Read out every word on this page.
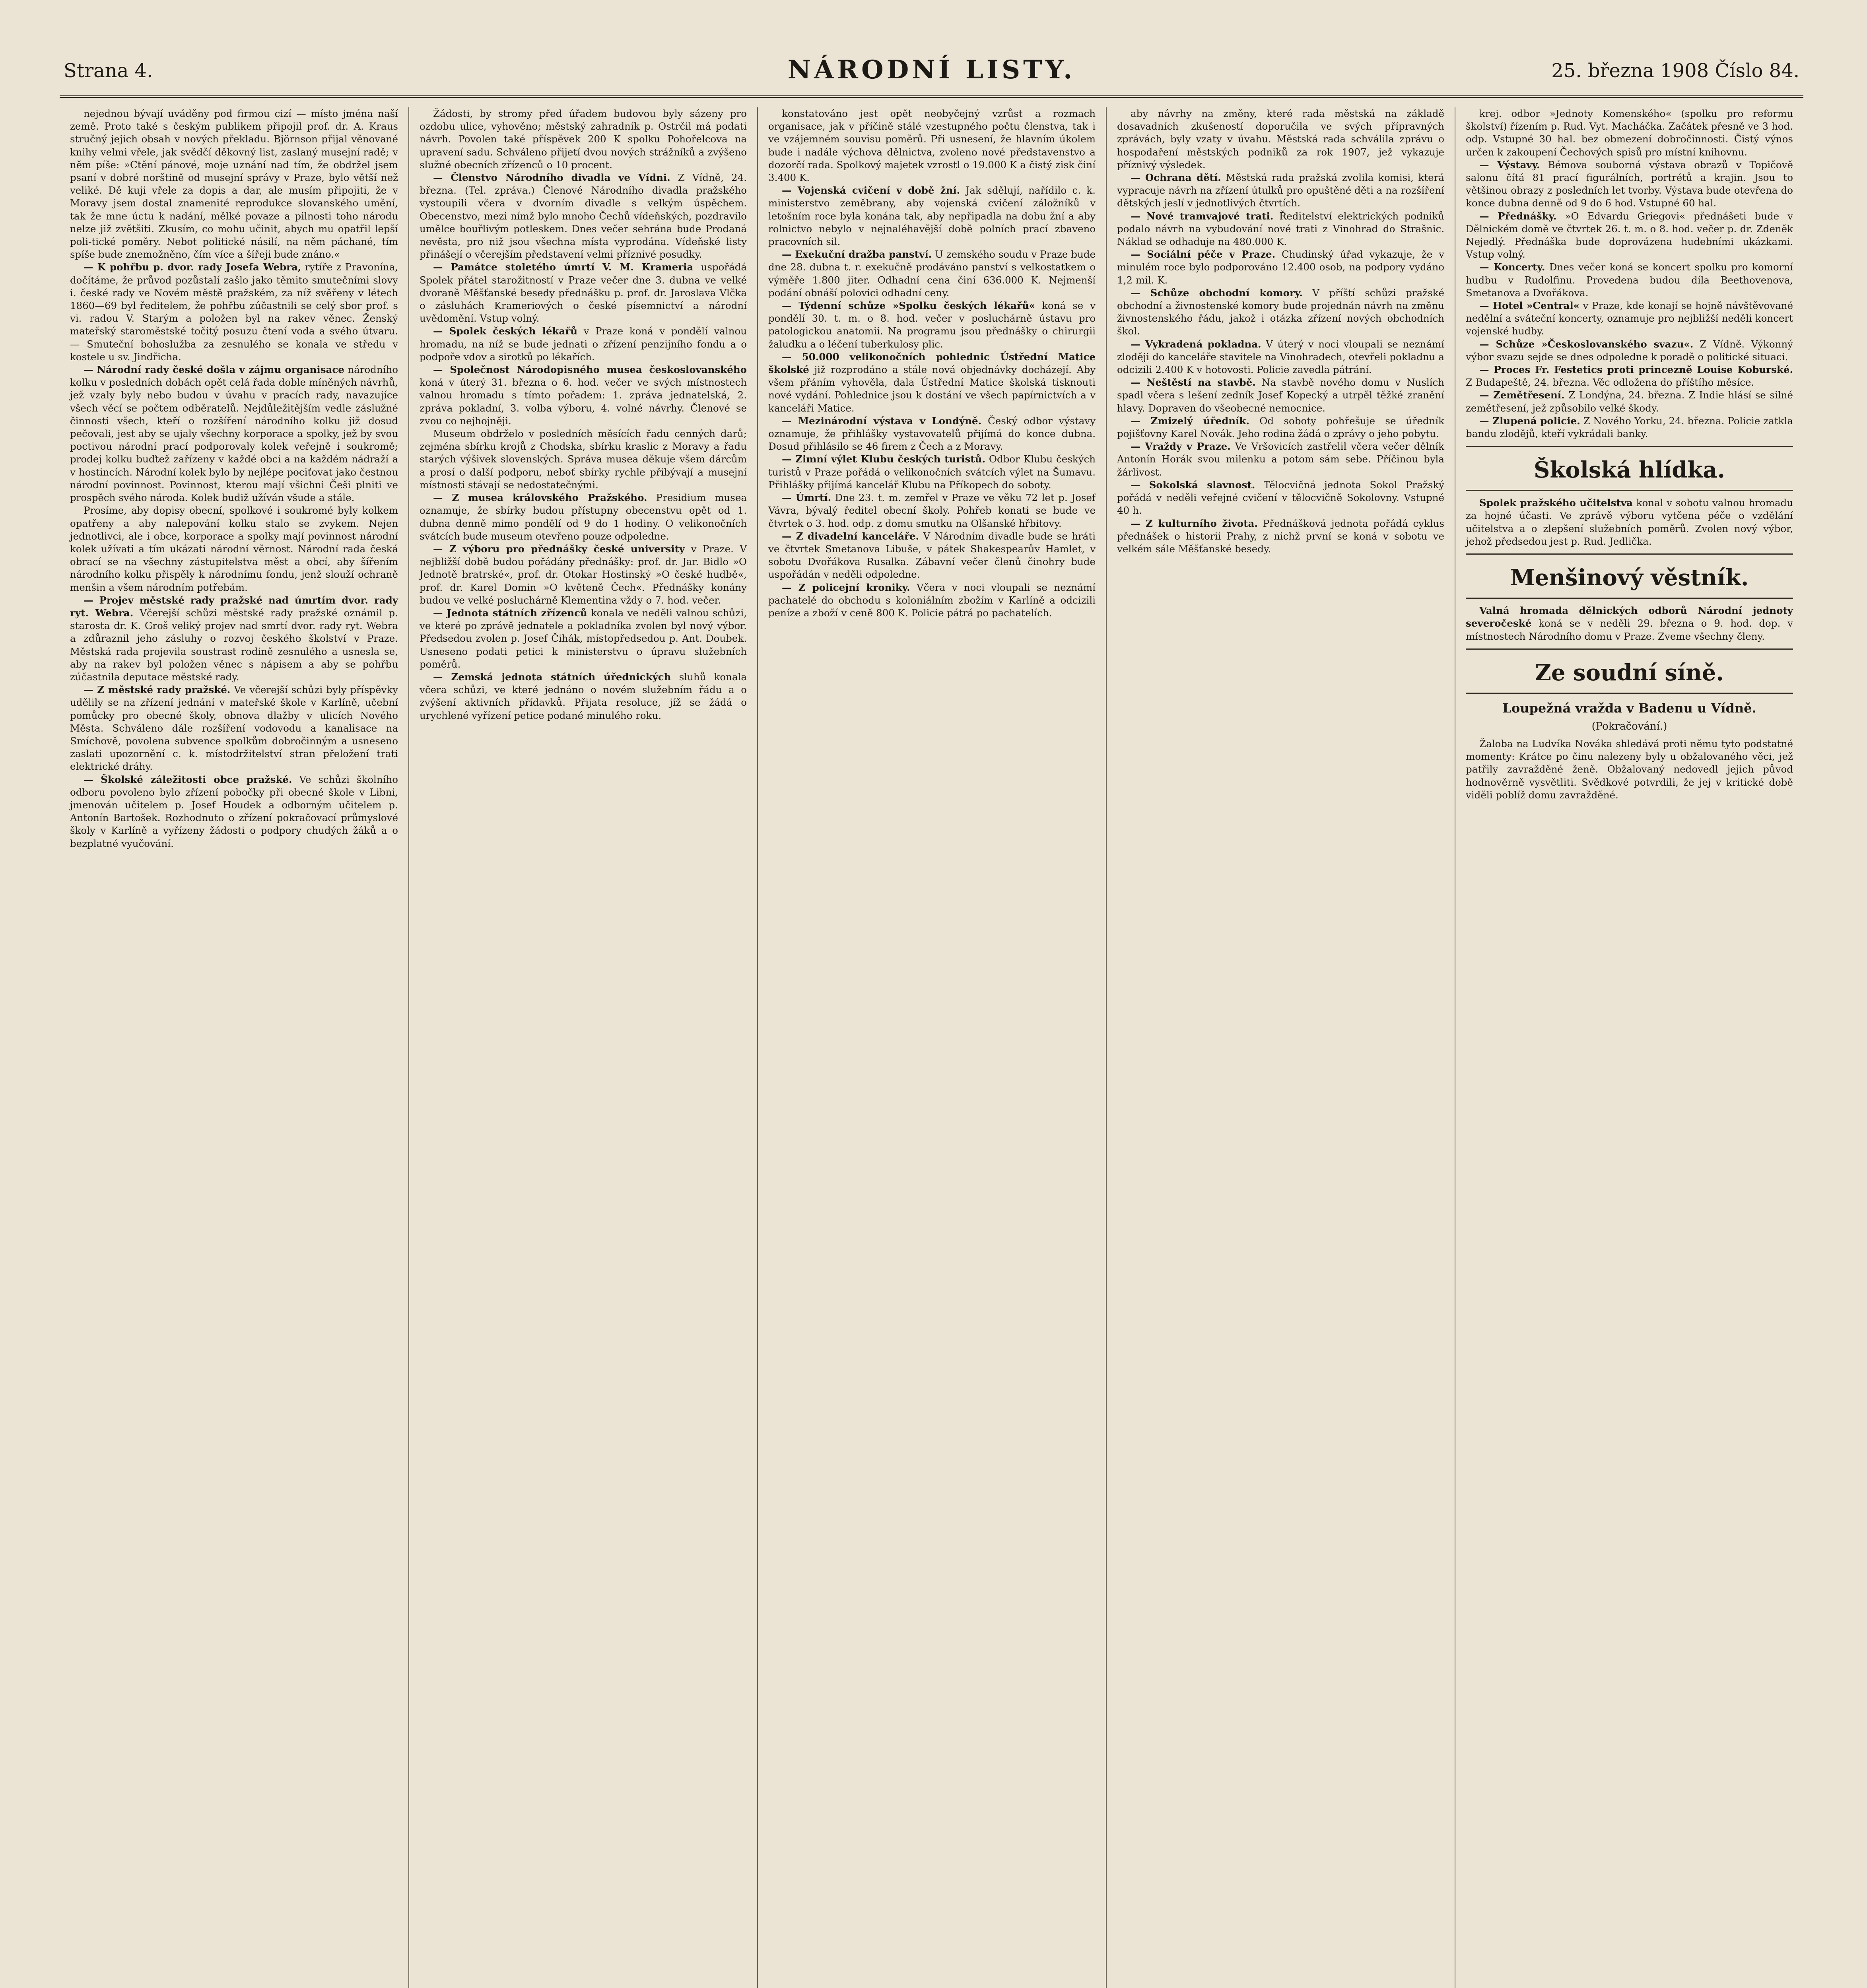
Strana 4.	NÁRODNÍ LISTY.	25. března 1908 Číslo 84.

nejednou bývají uváděny pod firmou cizí — místo jména naší země. Proto také s českým publikem připojil prof. dr. A. Kraus stručný jejich obsah v nových překladu. Björnson přijal věnované knihy velmi vřele, jak svědčí děkovný list, zaslaný musejní radě; v něm píše: »Ctění pánové, moje uznání nad tím, že obdržel jsem psaní v dobré norštině od musejní správy v Praze, bylo větší než veliké. Dě kuji vřele za dopis a dar, ale musím připojiti, že v Moravy jsem dostal znamenité reprodukce slovanského umění, tak že mne úctu k nadání, mělké povaze a pilnosti toho národu nelze již zvětšiti. Zkusím, co mohu učinit, abych mu opatřil lepší poli-tické poměry. Nebot politické násilí, na něm páchané, tím spíše bude znemožněno, čím více a šířeji bude znáno.«

— K pohřbu p. dvor. rady Josefa Webra, rytíře z Pravonína, dočítáme, že průvod pozůstalí zašlo jako těmito smutečními slovy i. české rady ve Novém městě pražském, za níž svěřeny v létech 1860—69 byl ředitelem, že pohřbu zúčastnili se celý sbor prof. s vi. radou V. Starým a položen byl na rakev věnec. Ženský mateřský staroměstské točitý posuzu čtení voda a svého útvaru. — Smuteční bohoslužba za zesnulého se konala ve středu v kostele u sv. Jindřicha.

— Národní rady české došla v zájmu organisace národního kolku v posledních dobách opět celá řada doble míněných návrhů, jež vzaly byly nebo budou v úvahu v pracích rady, navazujíce všech věcí se počtem odběratelů. Nejdůležitějším vedle záslužné činnosti všech, kteří o rozšíření národního kolku již dosud pečovali, jest aby se ujaly všechny korporace a spolky, jež by svou poctivou národní prací podporovaly kolek veřejně i soukromě; prodej kolku buďtež zařízeny v každé obci a na každém nádraží a v hostincích. Národní kolek bylo by nejlépe pociťovat jako čestnou národní povinnost. Povinnost, kterou mají všichni Češi plniti ve prospěch svého národa. Kolek budiž užíván všude a stále.

Prosíme, aby dopisy obecní, spolkové i soukromé byly kolkem opatřeny a aby nalepování kolku stalo se zvykem. Nejen jednotlivci, ale i obce, korporace a spolky mají povinnost národní kolek užívati a tím ukázati národní věrnost. Národní rada česká obrací se na všechny zástupitelstva měst a obcí, aby šířením národního kolku přispěly k národnímu fondu, jenž slouží ochraně menšin a všem národním potřebám.

— Projev městské rady pražské nad úmrtím dvor. rady ryt. Webra. Včerejší schůzi městské rady pražské oznámil p. starosta dr. K. Groš veliký projev nad smrtí dvor. rady ryt. Webra a zdůraznil jeho zásluhy o rozvoj českého školství v Praze. Městská rada projevila soustrast rodině zesnulého a usnesla se, aby na rakev byl položen věnec s nápisem a aby se pohřbu zúčastnila deputace městské rady.

— Z městské rady pražské. Ve včerejší schůzi byly příspěvky udělily se na zřízení jednání v mateřské škole v Karlíně, učební pomůcky pro obecné školy, obnova dlažby v ulicích Nového Města. Schváleno dále rozšíření vodovodu a kanalisace na Smíchově, povolena subvence spolkům dobročinným a usneseno zaslati upozornění c. k. místodržitelství stran přeložení trati elektrické dráhy.

— Školské záležitosti obce pražské. Ve schůzi školního odboru povoleno bylo zřízení pobočky při obecné škole v Libni, jmenován učitelem p. Josef Houdek a odborným učitelem p. Antonín Bartošek. Rozhodnuto o zřízení pokračovací průmyslové školy v Karlíně a vyřízeny žádosti o podpory chudých žáků a o bezplatné vyučování.

Žádosti, by stromy před úřadem budovou byly sázeny pro ozdobu ulice, vyhověno; městský zahradník p. Ostrčil má podati návrh. Povolen také příspěvek 200 K spolku Pohořelcova na upravení sadu. Schváleno přijetí dvou nových strážníků a zvýšeno služné obecních zřízenců o 10 procent.

— Členstvo Národního divadla ve Vídni. Z Vídně, 24. března. (Tel. zpráva.) Členové Národního divadla pražského vystoupili včera v dvorním divadle s velkým úspěchem. Obecenstvo, mezi nímž bylo mnoho Čechů vídeňských, pozdravilo umělce bouřlivým potleskem. Dnes večer sehrána bude Prodaná nevěsta, pro niž jsou všechna místa vyprodána. Vídeňské listy přinášejí o včerejším představení velmi příznivé posudky.

— Památce stoletého úmrtí V. M. Krameria uspořádá Spolek přátel starožitností v Praze večer dne 3. dubna ve velké dvoraně Měšťanské besedy přednášku p. prof. dr. Jaroslava Vlčka o zásluhách Krameriových o české písemnictví a národní uvědomění. Vstup volný.

— Spolek českých lékařů v Praze koná v pondělí valnou hromadu, na níž se bude jednati o zřízení penzijního fondu a o podpoře vdov a sirotků po lékařích.

— Společnost Národopisného musea českoslovanského koná v úterý 31. března o 6. hod. večer ve svých místnostech valnou hromadu s tímto pořadem: 1. zpráva jednatelská, 2. zpráva pokladní, 3. volba výboru, 4. volné návrhy. Členové se zvou co nejhojněji.

Museum obdrželo v posledních měsících řadu cenných darů; zejména sbírku krojů z Chodska, sbírku kraslic z Moravy a řadu starých výšivek slovenských. Správa musea děkuje všem dárcům a prosí o další podporu, neboť sbírky rychle přibývají a musejní místnosti stávají se nedostatečnými.

— Z musea královského Pražského. Presidium musea oznamuje, že sbírky budou přístupny obecenstvu opět od 1. dubna denně mimo pondělí od 9 do 1 hodiny. O velikonočních svátcích bude museum otevřeno pouze odpoledne.

— Z výboru pro přednášky české university v Praze. V nejbližší době budou pořádány přednášky: prof. dr. Jar. Bidlo »O Jednotě bratrské«, prof. dr. Otokar Hostinský »O české hudbě«, prof. dr. Karel Domin »O květeně Čech«. Přednášky konány budou ve velké posluchárně Klementina vždy o 7. hod. večer.

— Jednota státních zřízenců konala ve neděli valnou schůzi, ve které po zprávě jednatele a pokladníka zvolen byl nový výbor. Předsedou zvolen p. Josef Čihák, místopředsedou p. Ant. Doubek. Usneseno podati petici k ministerstvu o úpravu služebních poměrů.

— Zemská jednota státních úřednických sluhů konala včera schůzi, ve které jednáno o novém služebním řádu a o zvýšení aktivních přídavků. Přijata resoluce, jíž se žádá o urychlené vyřízení petice podané minulého roku.

konstatováno jest opět neobyčejný vzrůst a rozmach organisace, jak v příčině stálé vzestupného počtu členstva, tak i ve vzájemném souvisu poměrů. Při usnesení, že hlavním úkolem bude i nadále výchova dělnictva, zvoleno nové představenstvo a dozorčí rada. Spolkový majetek vzrostl o 19.000 K a čistý zisk činí 3.400 K.

— Vojenská cvičení v době žní. Jak sdělují, nařídilo c. k. ministerstvo zeměbrany, aby vojenská cvičení záložníků v letošním roce byla konána tak, aby nepřipadla na dobu žní a aby rolnictvo nebylo v nejnaléhavější době polních prací zbaveno pracovních sil.

— Exekuční dražba panství. U zemského soudu v Praze bude dne 28. dubna t. r. exekučně prodáváno panství s velkostatkem o výměře 1.800 jiter. Odhadní cena činí 636.000 K. Nejmenší podání obnáší polovici odhadní ceny.

— Týdenní schůze »Spolku českých lékařů« koná se v pondělí 30. t. m. o 8. hod. večer v posluchárně ústavu pro patologickou anatomii. Na programu jsou přednášky o chirurgii žaludku a o léčení tuberkulosy plic.

— 50.000 velikonočních pohlednic Ústřední Matice školské již rozprodáno a stále nová objednávky docházejí. Aby všem přáním vyhověla, dala Ústřední Matice školská tisknouti nové vydání. Pohlednice jsou k dostání ve všech papírnictvích a v kanceláři Matice.

— Mezinárodní výstava v Londýně. Český odbor výstavy oznamuje, že přihlášky vystavovatelů přijímá do konce dubna. Dosud přihlásilo se 46 firem z Čech a z Moravy.

— Zimní výlet Klubu českých turistů. Odbor Klubu českých turistů v Praze pořádá o velikonočních svátcích výlet na Šumavu. Přihlášky přijímá kancelář Klubu na Příkopech do soboty.

— Úmrtí. Dne 23. t. m. zemřel v Praze ve věku 72 let p. Josef Vávra, bývalý ředitel obecní školy. Pohřeb konati se bude ve čtvrtek o 3. hod. odp. z domu smutku na Olšanské hřbitovy.

— Z divadelní kanceláře. V Národním divadle bude se hráti ve čtvrtek Smetanova Libuše, v pátek Shakespearův Hamlet, v sobotu Dvořákova Rusalka. Zábavní večer členů činohry bude uspořádán v neděli odpoledne.

— Z policejní kroniky. Včera v noci vloupali se neznámí pachatelé do obchodu s koloniálním zbožím v Karlíně a odcizili peníze a zboží v ceně 800 K. Policie pátrá po pachatelích.

aby návrhy na změny, které rada městská na základě dosavadních zkušeností doporučila ve svých přípravných zprávách, byly vzaty v úvahu. Městská rada schválila zprávu o hospodaření městských podniků za rok 1907, jež vykazuje příznivý výsledek.

— Ochrana dětí. Městská rada pražská zvolila komisi, která vypracuje návrh na zřízení útulků pro opuštěné děti a na rozšíření dětských jeslí v jednotlivých čtvrtích.

— Nové tramvajové trati. Ředitelství elektrických podniků podalo návrh na vybudování nové trati z Vinohrad do Strašnic. Náklad se odhaduje na 480.000 K.

— Sociální péče v Praze. Chudinský úřad vykazuje, že v minulém roce bylo podporováno 12.400 osob, na podpory vydáno 1,2 mil. K.

— Schůze obchodní komory. V příští schůzi pražské obchodní a živnostenské komory bude projednán návrh na změnu živnostenského řádu, jakož i otázka zřízení nových obchodních škol.

— Vykradená pokladna. V úterý v noci vloupali se neznámí zloději do kanceláře stavitele na Vinohradech, otevřeli pokladnu a odcizili 2.400 K v hotovosti. Policie zavedla pátrání.

— Neštěstí na stavbě. Na stavbě nového domu v Nuslích spadl včera s lešení zedník Josef Kopecký a utrpěl těžké zranění hlavy. Dopraven do všeobecné nemocnice.

— Zmizelý úředník. Od soboty pohřešuje se úředník pojišťovny Karel Novák. Jeho rodina žádá o zprávy o jeho pobytu.

— Vraždy v Praze. Ve Vršovicích zastřelil včera večer dělník Antonín Horák svou milenku a potom sám sebe. Příčinou byla žárlivost.

— Sokolská slavnost. Tělocvičná jednota Sokol Pražský pořádá v neděli veřejné cvičení v tělocvičně Sokolovny. Vstupné 40 h.

— Z kulturního života. Přednášková jednota pořádá cyklus přednášek o historii Prahy, z nichž první se koná v sobotu ve velkém sále Měšťanské besedy.

krej. odbor »Jednoty Komenského« (spolku pro reformu školství) řízením p. Rud. Vyt. Macháčka. Začátek přesně ve 3 hod. odp. Vstupné 30 hal. bez obmezení dobročinnosti. Čistý výnos určen k zakoupení Čechových spisů pro místní knihovnu.

— Výstavy. Bémova souborná výstava obrazů v Topičově salonu čítá 81 prací figurálních, portrétů a krajin. Jsou to většinou obrazy z posledních let tvorby. Výstava bude otevřena do konce dubna denně od 9 do 6 hod. Vstupné 60 hal.

— Přednášky. »O Edvardu Griegovi« přednášeti bude v Dělnickém domě ve čtvrtek 26. t. m. o 8. hod. večer p. dr. Zdeněk Nejedlý. Přednáška bude doprovázena hudebními ukázkami. Vstup volný.

— Koncerty. Dnes večer koná se koncert spolku pro komorní hudbu v Rudolfinu. Provedena budou díla Beethovenova, Smetanova a Dvořákova.

— Hotel »Central« v Praze, kde konají se hojně návštěvované nedělní a sváteční koncerty, oznamuje pro nejbližší neděli koncert vojenské hudby.

— Schůze »Českoslovanského svazu«. Z Vídně. Výkonný výbor svazu sejde se dnes odpoledne k poradě o politické situaci.

— Proces Fr. Festetics proti princezně Louise Koburské. Z Budapeště, 24. března. Věc odložena do příštího měsíce.

— Zemětřesení. Z Londýna, 24. března. Z Indie hlásí se silné zemětřesení, jež způsobilo velké škody.

— Zlupená policie. Z Nového Yorku, 24. března. Policie zatkla bandu zlodějů, kteří vykrádali banky.

Školská hlídka.

Spolek pražského učitelstva konal v sobotu valnou hromadu za hojné účasti. Ve zprávě výboru vytčena péče o vzdělání učitelstva a o zlepšení služebních poměrů. Zvolen nový výbor, jehož předsedou jest p. Rud. Jedlička.

Menšinový věstník.

Valná hromada dělnických odborů Národní jednoty severočeské koná se v neděli 29. března o 9. hod. dop. v místnostech Národního domu v Praze. Zveme všechny členy.

Ze soudní síně.
Loupežná vražda v Badenu u Vídně.
(Pokračování.)

Žaloba na Ludvíka Nováka shledává proti němu tyto podstatné momenty: Krátce po činu nalezeny byly u obžalovaného věci, jež patřily zavražděné ženě. Obžalovaný nedovedl jejich původ hodnověrně vysvětliti. Svědkové potvrdili, že jej v kritické době viděli poblíž domu zavražděné.
